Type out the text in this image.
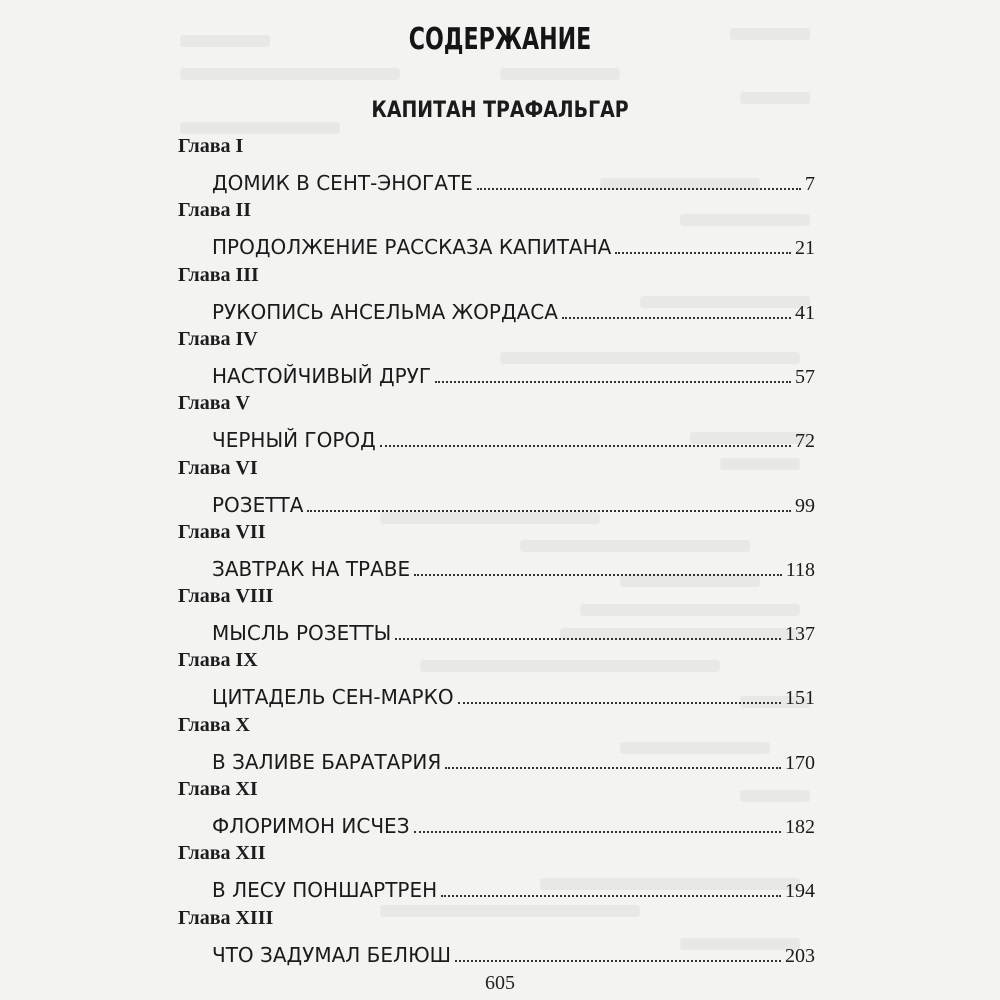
СОДЕРЖАНИЕ
КАПИТАН ТРАФАЛЬГАР
Глава I
ДОМИК В СЕНТ-ЭНОГАТЕ	7
Глава II
ПРОДОЛЖЕНИЕ РАССКАЗА КАПИТАНА	21
Глава III
РУКОПИСЬ АНСЕЛЬМА ЖОРДАСА	41
Глава IV
НАСТОЙЧИВЫЙ ДРУГ	57
Глава V
ЧЕРНЫЙ ГОРОД	72
Глава VI
РОЗЕТТА	99
Глава VII
ЗАВТРАК НА ТРАВЕ	118
Глава VIII
МЫСЛЬ РОЗЕТТЫ	137
Глава IX
ЦИТАДЕЛЬ СЕН-МАРКО	151
Глава X
В ЗАЛИВЕ БАРАТАРИЯ	170
Глава XI
ФЛОРИМОН ИСЧЕЗ	182
Глава XII
В ЛЕСУ ПОНШАРТРЕН	194
Глава XIII
ЧТО ЗАДУМАЛ БЕЛЮШ	203
605
